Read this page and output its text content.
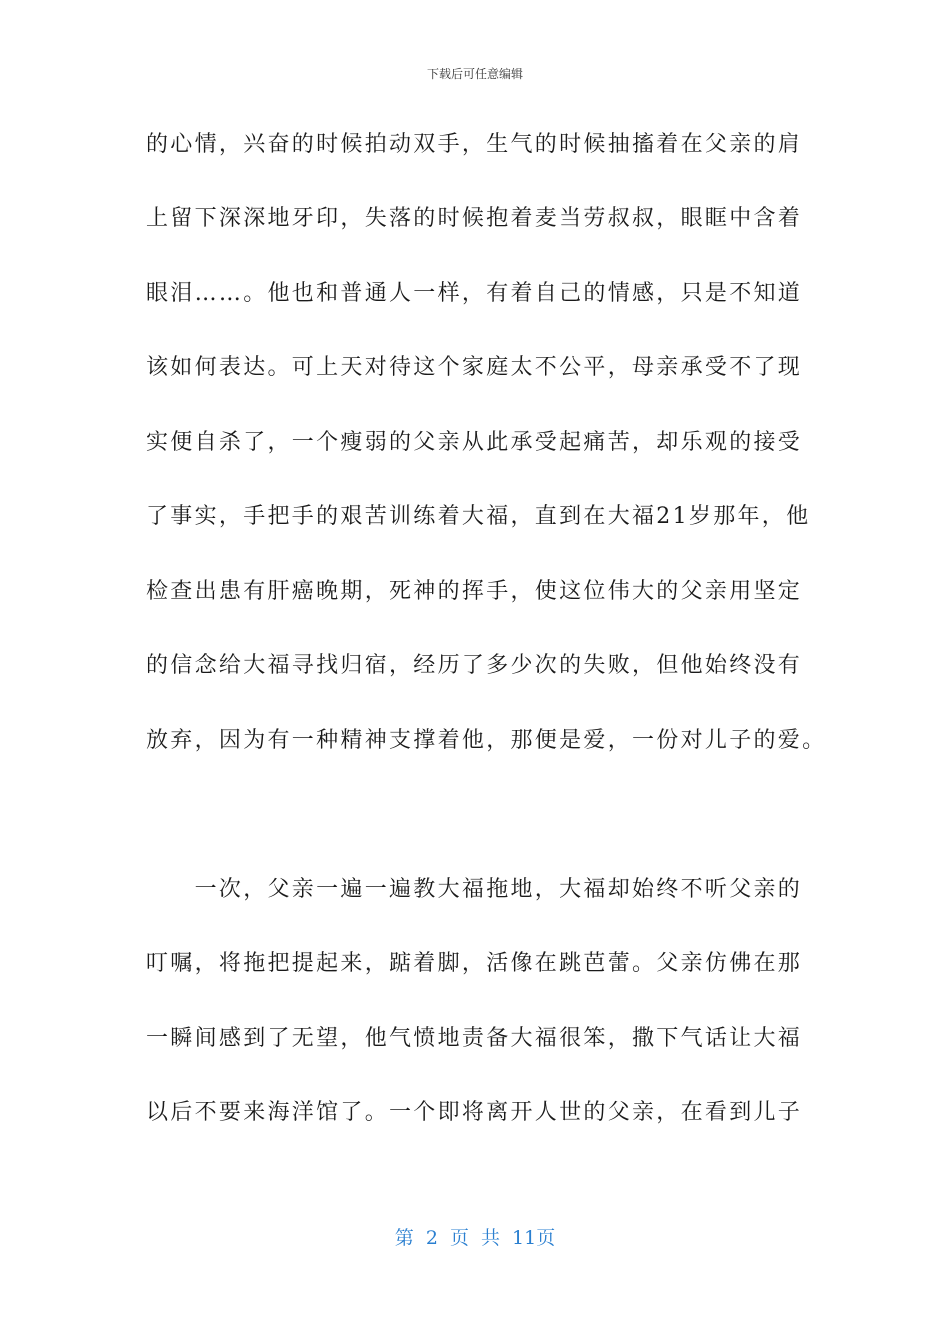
下载后可任意编辑
的心情，兴奋的时候拍动双手，生气的时候抽搐着在父亲的肩
上留下深深地牙印，失落的时候抱着麦当劳叔叔，眼眶中含着
眼泪……。他也和普通人一样，有着自己的情感，只是不知道
该如何表达。可上天对待这个家庭太不公平，母亲承受不了现
实便自杀了，一个瘦弱的父亲从此承受起痛苦，却乐观的接受
了事实，手把手的艰苦训练着大福，直到在大福21岁那年，他
检查出患有肝癌晚期，死神的挥手，使这位伟大的父亲用坚定
的信念给大福寻找归宿，经历了多少次的失败，但他始终没有
放弃，因为有一种精神支撑着他，那便是爱，一份对儿子的爱。
　　一次，父亲一遍一遍教大福拖地，大福却始终不听父亲的
叮嘱，将拖把提起来，踮着脚，活像在跳芭蕾。父亲仿佛在那
一瞬间感到了无望，他气愤地责备大福很笨，撒下气话让大福
以后不要来海洋馆了。一个即将离开人世的父亲，在看到儿子
第 2 页 共 11页
